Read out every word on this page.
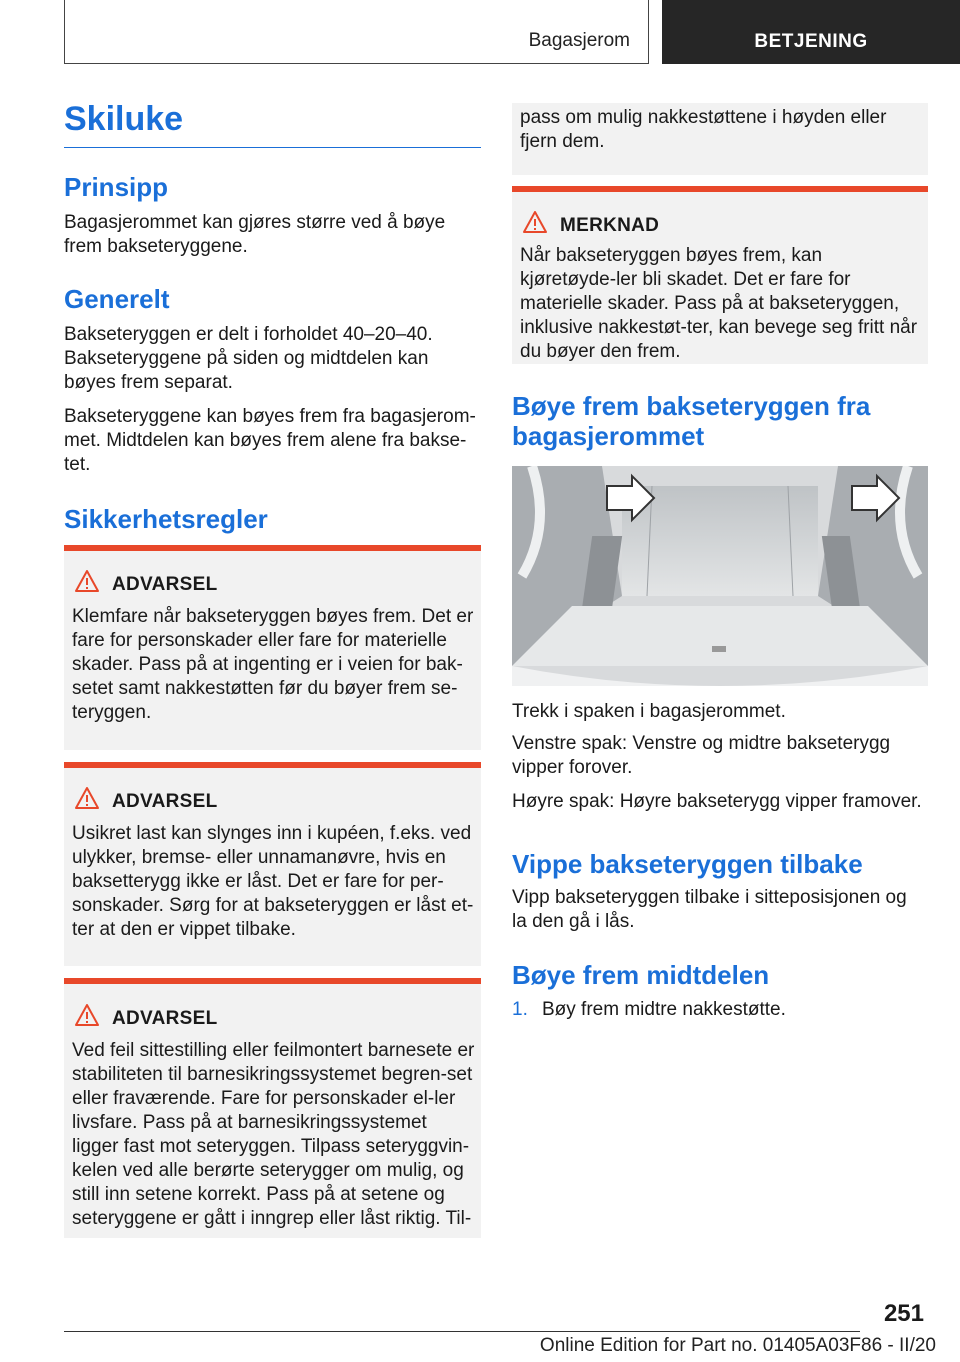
Bagasjerom	BETJENING
Skiluke
Prinsipp

Bagasjerommet kan gjøres større ved å bøye frem bakseteryggene.

Generelt

Bakseteryggen er delt i forholdet 40–20–40. Bakseteryggene på siden og midtdelen kan bøyes frem separat.

Bakseteryggene kan bøyes frem fra bagasjerom-met. Midtdelen kan bøyes frem alene fra bakse-tet.

Sikkerhetsregler
ADVARSEL

Klemfare når bakseteryggen bøyes frem. Det er fare for personskader eller fare for materielle skader. Pass på at ingenting er i veien for bak-setet samt nakkestøtten før du bøyer frem se-teryggen.

ADVARSEL

Usikret last kan slynges inn i kupéen, f.eks. ved ulykker, bremse- eller unnamanøvre, hvis en baksetterygg ikke er låst. Det er fare for per-sonskader. Sørg for at bakseteryggen er låst et-ter at den er vippet tilbake.

ADVARSEL

Ved feil sittestilling eller feilmontert barnesete er stabiliteten til barnesikringssystemet begren-set eller fraværende. Fare for personskader el-ler livsfare. Pass på at barnesikringssystemet ligger fast mot seteryggen. Tilpass seteryggvin-kelen ved alle berørte seterygger om mulig, og still inn setene korrekt. Pass på at setene og seteryggene er gått i inngrep eller låst riktig. Til-

pass om mulig nakkestøttene i høyden eller fjern dem.

MERKNAD

Når bakseteryggen bøyes frem, kan kjøretøyde-ler bli skadet. Det er fare for materielle skader. Pass på at bakseteryggen, inklusive nakkestøt-ter, kan bevege seg fritt når du bøyer den frem.

Bøye frem bakseteryggen fra bagasjerommet

Trekk i spaken i bagasjerommet.

Venstre spak: Venstre og midtre bakseterygg vipper forover.

Høyre spak: Høyre bakseterygg vipper framover.

Vippe bakseteryggen tilbake

Vipp bakseteryggen tilbake i sitteposisjonen og la den gå i lås.

Bøye frem midtdelen
1. Bøy frem midtre nakkestøtte.
251
Online Edition for Part no. 01405A03F86 - II/20
